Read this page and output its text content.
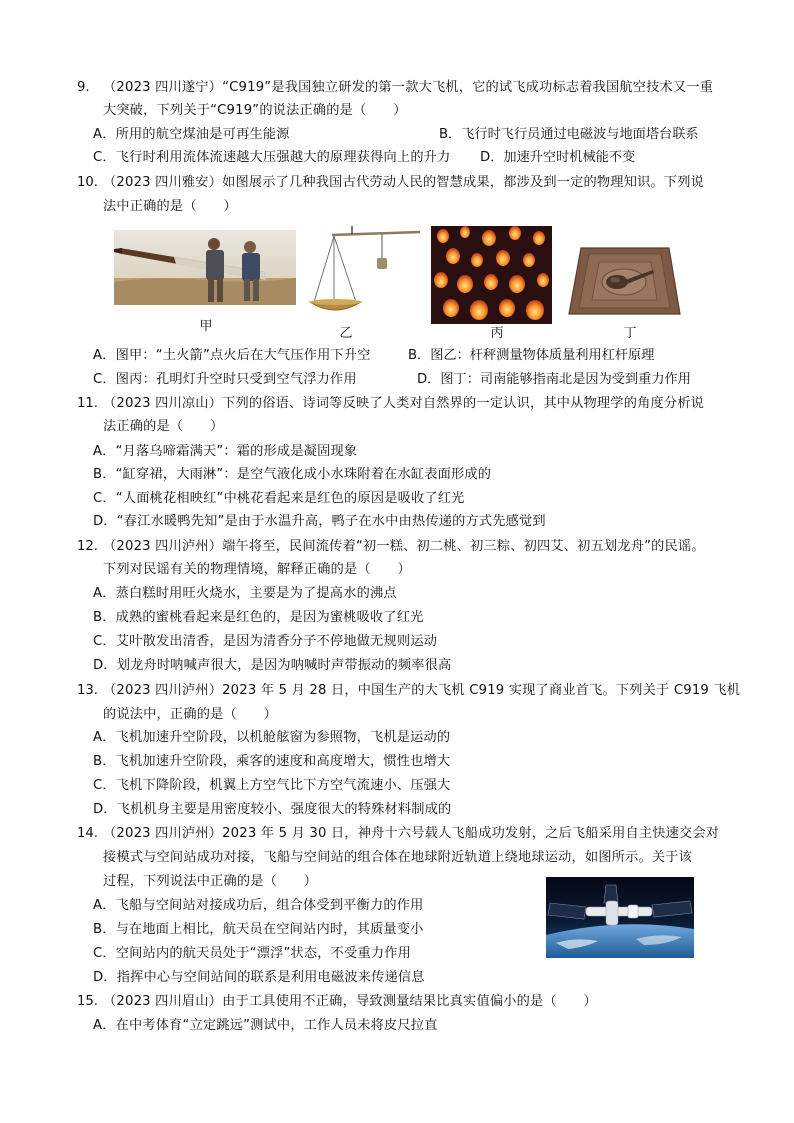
9. （2023 四川遂宁）“C919”是我国独立研发的第一款大飞机，它的试飞成功标志着我国航空技术又一重
大突破，下列关于“C919”的说法正确的是（　　）
A．所用的航空煤油是可再生能源	B．飞行时飞行员通过电磁波与地面塔台联系
C．飞行时利用流体流速越大压强越大的原理获得向上的升力 D．加速升空时机械能不变
10. （2023 四川雅安）如图展示了几种我国古代劳动人民的智慧成果，都涉及到一定的物理知识。下列说
法中正确的是（　　）
甲	乙	丙	丁
A．图甲：“土火箭”点火后在大气压作用下升空	B．图乙：杆秤测量物体质量利用杠杆原理
C．图丙：孔明灯升空时只受到空气浮力作用	D．图丁：司南能够指南北是因为受到重力作用
11. （2023 四川凉山）下列的俗语、诗词等反映了人类对自然界的一定认识，其中从物理学的角度分析说
法正确的是（　　）
A．“月落乌啼霜满天”：霜的形成是凝固现象
B．“缸穿裙，大雨淋”：是空气液化成小水珠附着在水缸表面形成的
C．“人面桃花相映红”中桃花看起来是红色的原因是吸收了红光
D．“春江水暖鸭先知”是由于水温升高，鸭子在水中由热传递的方式先感觉到
12. （2023 四川泸州）端午将至，民间流传着“初一糕、初二桃、初三粽、初四艾、初五划龙舟”的民谣。
下列对民谣有关的物理情境，解释正确的是（　　）
A．蒸白糕时用旺火烧水，主要是为了提高水的沸点
B．成熟的蜜桃看起来是红色的，是因为蜜桃吸收了红光
C．艾叶散发出清香，是因为清香分子不停地做无规则运动
D．划龙舟时呐喊声很大，是因为呐喊时声带振动的频率很高
13. （2023 四川泸州）2023 年 5 月 28 日，中国生产的大飞机 C919 实现了商业首飞。下列关于 C919 飞机
的说法中，正确的是（　　）
A．飞机加速升空阶段，以机舱舷窗为参照物，飞机是运动的
B．飞机加速升空阶段，乘客的速度和高度增大，惯性也增大
C．飞机下降阶段，机翼上方空气比下方空气流速小、压强大
D．飞机机身主要是用密度较小、强度很大的特殊材料制成的
14. （2023 四川泸州）2023 年 5 月 30 日，神舟十六号载人飞船成功发射，之后飞船采用自主快速交会对
接模式与空间站成功对接，飞船与空间站的组合体在地球附近轨道上绕地球运动，如图所示。关于该
过程，下列说法中正确的是（　　）
A．飞船与空间站对接成功后，组合体受到平衡力的作用
B．与在地面上相比，航天员在空间站内时，其质量变小
C．空间站内的航天员处于“漂浮”状态，不受重力作用
D．指挥中心与空间站间的联系是利用电磁波来传递信息
15. （2023 四川眉山）由于工具使用不正确，导致测量结果比真实值偏小的是（　　）
A．在中考体育“立定跳远”测试中，工作人员未将皮尺拉直
